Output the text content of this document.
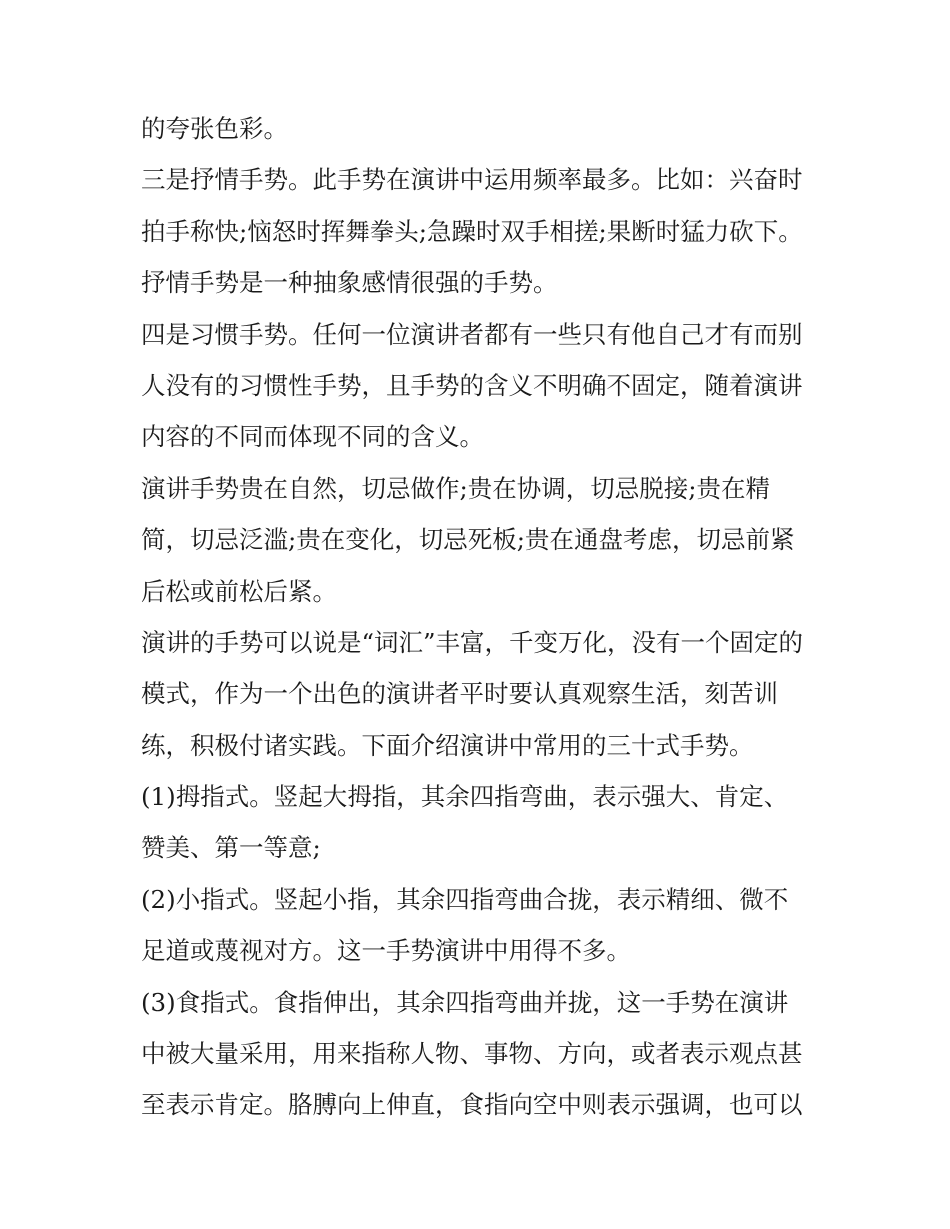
的夸张色彩。
三是抒情手势。此手势在演讲中运用频率最多。比如：兴奋时
拍手称快;恼怒时挥舞拳头;急躁时双手相搓;果断时猛力砍下。
抒情手势是一种抽象感情很强的手势。
四是习惯手势。任何一位演讲者都有一些只有他自己才有而别
人没有的习惯性手势，且手势的含义不明确不固定，随着演讲
内容的不同而体现不同的含义。
演讲手势贵在自然，切忌做作;贵在协调，切忌脱接;贵在精
简，切忌泛滥;贵在变化，切忌死板;贵在通盘考虑，切忌前紧
后松或前松后紧。
演讲的手势可以说是“词汇”丰富，千变万化，没有一个固定的
模式，作为一个出色的演讲者平时要认真观察生活，刻苦训
练，积极付诸实践。下面介绍演讲中常用的三十式手势。
(1)拇指式。竖起大拇指，其余四指弯曲，表示强大、肯定、
赞美、第一等意;
(2)小指式。竖起小指，其余四指弯曲合拢，表示精细、微不
足道或蔑视对方。这一手势演讲中用得不多。
(3)食指式。食指伸出，其余四指弯曲并拢，这一手势在演讲
中被大量采用，用来指称人物、事物、方向，或者表示观点甚
至表示肯定。胳膊向上伸直，食指向空中则表示强调，也可以
